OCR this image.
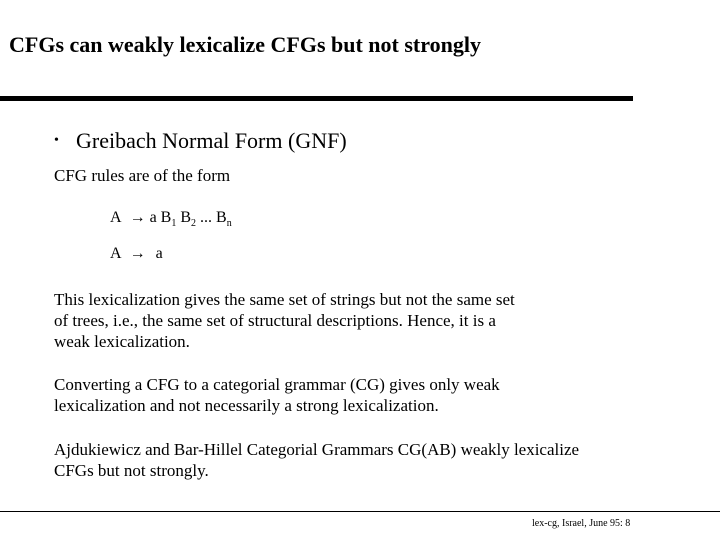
CFGs can weakly lexicalize CFGs but not strongly
• Greibach Normal Form (GNF)
CFG rules are of the form
A → a $B_1$ $B_2$ ... $B_n$
A → a
This lexicalization gives the same set of strings but not the same set
of trees, i.e., the same set of structural descriptions. Hence, it is a
weak lexicalization.
Converting a CFG to a categorial grammar (CG) gives only weak
lexicalization and not necessarily a strong lexicalization.
Ajdukiewicz and Bar-Hillel Categorial Grammars CG(AB) weakly lexicalize
CFGs but not strongly.
lex-cg, Israel, June 95: 8
